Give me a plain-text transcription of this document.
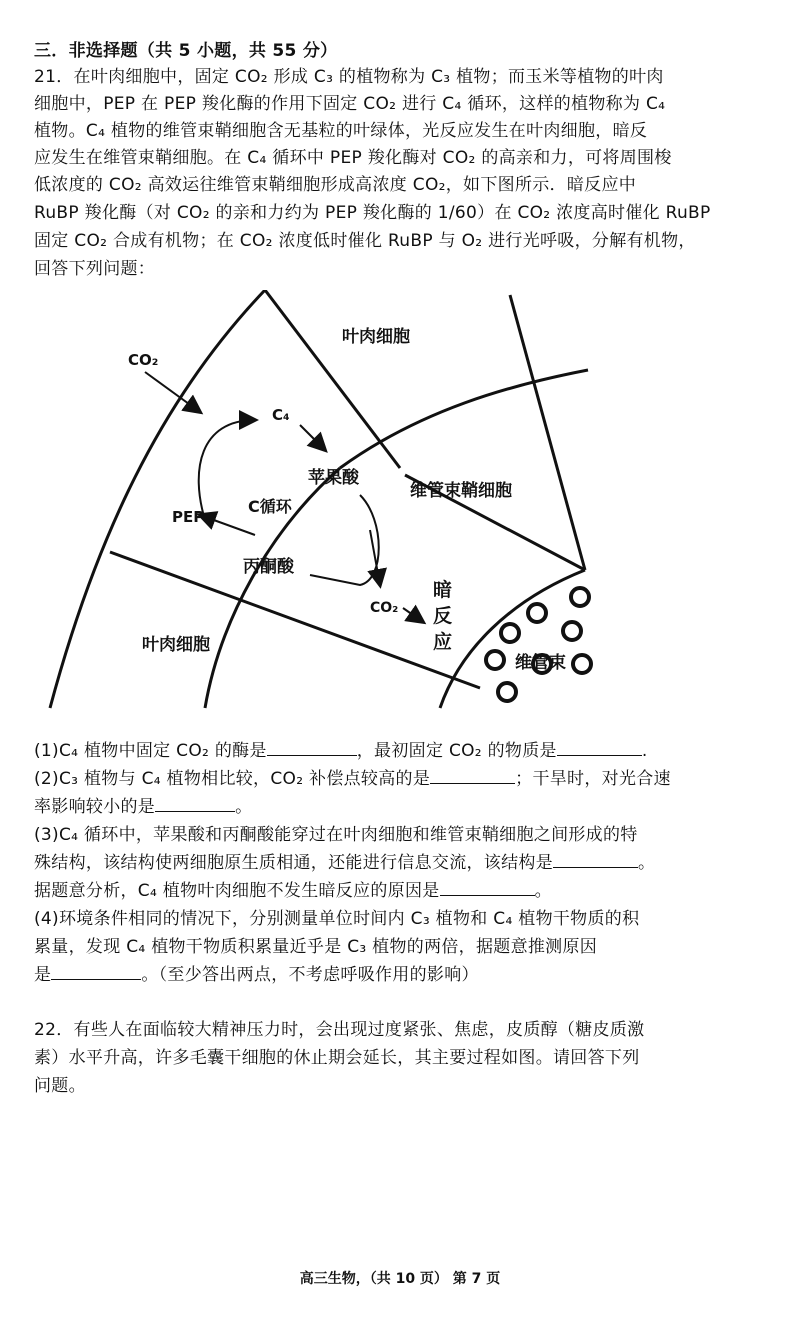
三．非选择题（共 5 小题，共 55 分）
21．在叶肉细胞中，固定 CO₂ 形成 C₃ 的植物称为 C₃ 植物；而玉米等植物的叶肉
细胞中，PEP 在 PEP 羧化酶的作用下固定 CO₂ 进行 C₄ 循环，这样的植物称为 C₄
植物。C₄ 植物的维管束鞘细胞含无基粒的叶绿体，光反应发生在叶肉细胞，暗反
应发生在维管束鞘细胞。在 C₄ 循环中 PEP 羧化酶对 CO₂ 的高亲和力，可将周围梭
低浓度的 CO₂ 高效运往维管束鞘细胞形成高浓度 CO₂，如下图所示．暗反应中
RuBP 羧化酶（对 CO₂ 的亲和力约为 PEP 羧化酶的 1/60）在 CO₂ 浓度高时催化 RuBP
固定 CO₂ 合成有机物；在 CO₂ 浓度低时催化 RuBP 与 O₂ 进行光呼吸，分解有机物，
回答下列问题：
叶肉细胞
叶肉细胞
维管束鞘细胞
维管束
CO₂
C₄
苹果酸
PEP
C循环
丙酮酸
CO₂
暗
反
应
(1)C₄ 植物中固定 CO₂ 的酶是	，最初固定 CO₂ 的物质是	.
(2)C₃ 植物与 C₄ 植物相比较，CO₂ 补偿点较高的是	；干旱时，对光合速
率影响较小的是	。
(3)C₄ 循环中，苹果酸和丙酮酸能穿过在叶肉细胞和维管束鞘细胞之间形成的特
殊结构，该结构使两细胞原生质相通，还能进行信息交流，该结构是	。
据题意分析，C₄ 植物叶肉细胞不发生暗反应的原因是	。
(4)环境条件相同的情况下，分别测量单位时间内 C₃ 植物和 C₄ 植物干物质的积
累量，发现 C₄ 植物干物质积累量近乎是 C₃ 植物的两倍，据题意推测原因
是	。（至少答出两点，不考虑呼吸作用的影响）
22．有些人在面临较大精神压力时，会出现过度紧张、焦虑，皮质醇（糖皮质激
素）水平升高，许多毛囊干细胞的休止期会延长，其主要过程如图。请回答下列
问题。
高三生物，（共 10 页） 第 7 页
